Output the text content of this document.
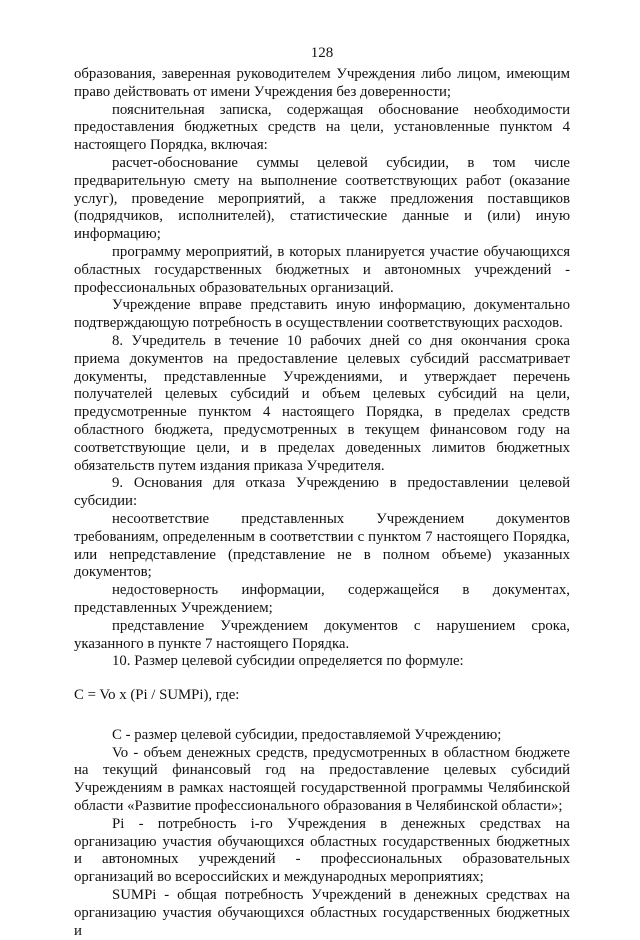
128

образования, заверенная руководителем Учреждения либо лицом, имеющим право действовать от имени Учреждения без доверенности;

пояснительная записка, содержащая обоснование необходимости предоставления бюджетных средств на цели, установленные пунктом 4 настоящего Порядка, включая:

расчет-обоснование суммы целевой субсидии, в том числе предварительную смету на выполнение соответствующих работ (оказание услуг), проведение мероприятий, а также предложения поставщиков (подрядчиков, исполнителей), статистические данные и (или) иную информацию;

программу мероприятий, в которых планируется участие обучающихся областных государственных бюджетных и автономных учреждений - профессиональных образовательных организаций.

Учреждение вправе представить иную информацию, документально подтверждающую потребность в осуществлении соответствующих расходов.

8. Учредитель в течение 10 рабочих дней со дня окончания срока приема документов на предоставление целевых субсидий рассматривает документы, представленные Учреждениями, и утверждает перечень получателей целевых субсидий и объем целевых субсидий на цели, предусмотренные пунктом 4 настоящего Порядка, в пределах средств областного бюджета, предусмотренных в текущем финансовом году на соответствующие цели, и в пределах доведенных лимитов бюджетных обязательств путем издания приказа Учредителя.

9. Основания для отказа Учреждению в предоставлении целевой субсидии:

несоответствие представленных Учреждением документов требованиям, определенным в соответствии с пунктом 7 настоящего Порядка, или непредставление (представление не в полном объеме) указанных документов;

недостоверность информации, содержащейся в документах, представленных Учреждением;

представление Учреждением документов с нарушением срока, указанного в пункте 7 настоящего Порядка.

10. Размер целевой субсидии определяется по формуле:

C = Vo x (Pi / SUMPi), где:

C - размер целевой субсидии, предоставляемой Учреждению;

Vo - объем денежных средств, предусмотренных в областном бюджете на текущий финансовый год на предоставление целевых субсидий Учреждениям в рамках настоящей государственной программы Челябинской области «Развитие профессионального образования в Челябинской области»;

Pi - потребность i-го Учреждения в денежных средствах на организацию участия обучающихся областных государственных бюджетных и автономных учреждений - профессиональных образовательных организаций во всероссийских и международных мероприятиях;

SUMPi - общая потребность Учреждений в денежных средствах на организацию участия обучающихся областных государственных бюджетных и
